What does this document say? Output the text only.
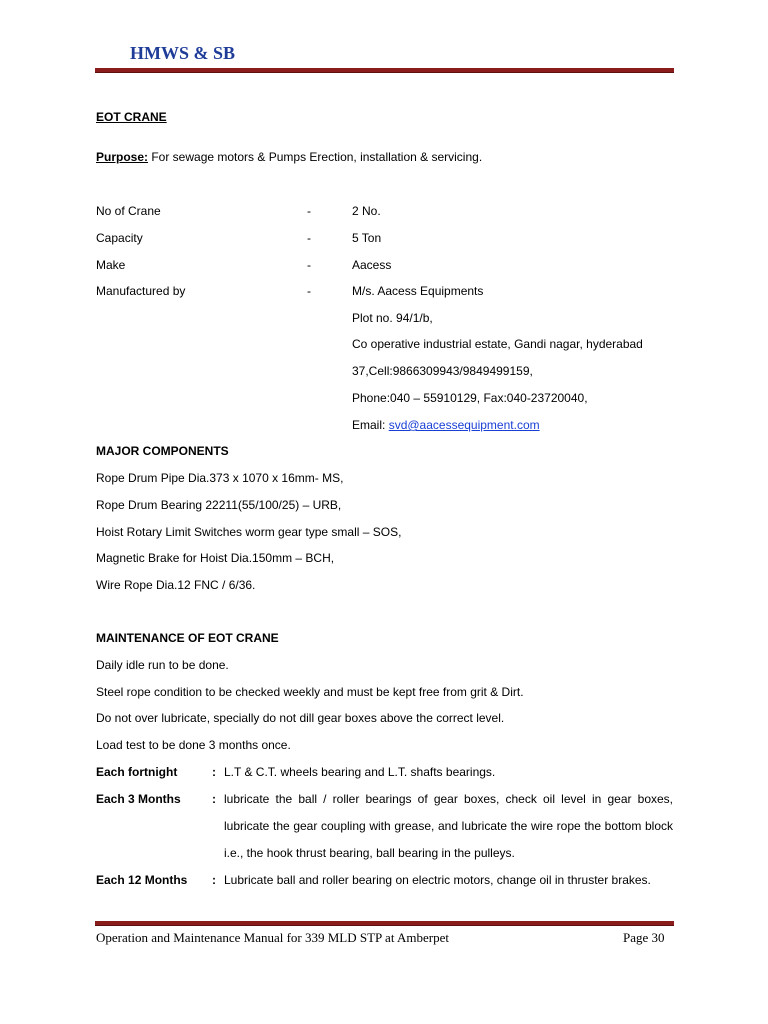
HMWS & SB
EOT CRANE
Purpose: For sewage motors & Pumps Erection, installation & servicing.
No of Crane	-	2 No.
Capacity	-	5 Ton
Make	-	Aacess
Manufactured by	-	M/s. Aacess Equipments
Plot no. 94/1/b,
Co operative industrial estate, Gandi nagar, hyderabad
37,Cell:9866309943/9849499159,
Phone:040 – 55910129, Fax:040-23720040,
Email: svd@aacessequipment.com
MAJOR COMPONENTS
Rope Drum Pipe Dia.373 x 1070 x 16mm- MS,
Rope Drum Bearing 22211(55/100/25) – URB,
Hoist Rotary Limit Switches worm gear type small – SOS,
Magnetic Brake for Hoist Dia.150mm – BCH,
Wire Rope Dia.12 FNC / 6/36.
MAINTENANCE OF EOT CRANE
Daily idle run to be done.
Steel rope condition to be checked weekly and must be kept free from grit & Dirt.
Do not over lubricate, specially do not dill gear boxes above the correct level.
Load test to be done 3 months once.
Each fortnight	: L.T & C.T. wheels bearing and L.T. shafts bearings.
Each 3 Months	: lubricate the ball / roller bearings of gear boxes, check oil level in gear boxes, lubricate the gear coupling with grease, and lubricate the wire rope the bottom block i.e., the hook thrust bearing, ball bearing in the pulleys.
Each 12 Months : Lubricate ball and roller bearing on electric motors, change oil in thruster brakes.
Operation and Maintenance Manual for 339 MLD STP at Amberpet	Page 30
